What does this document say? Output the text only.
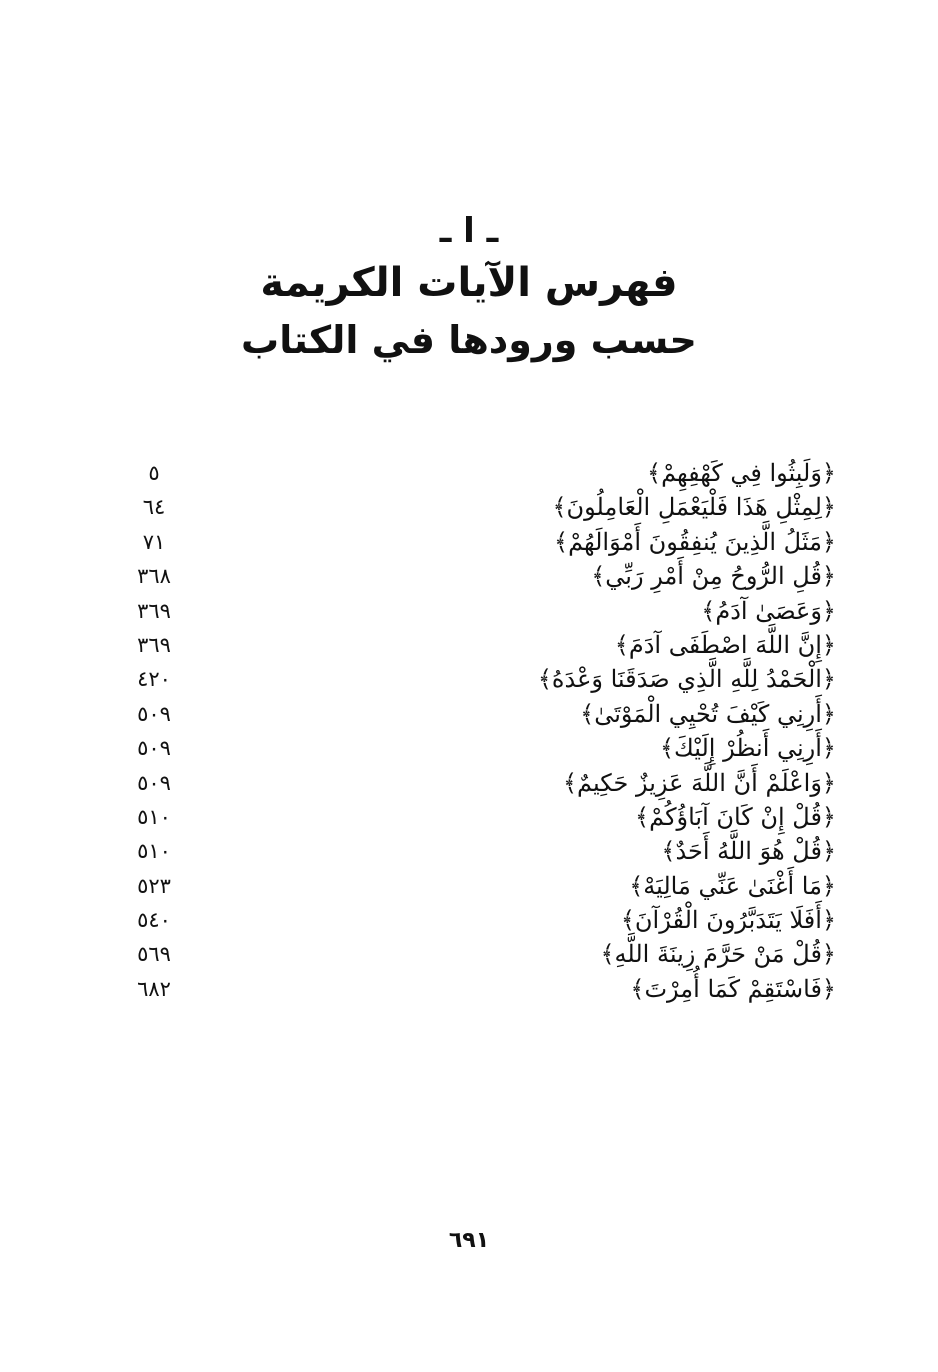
ـ ا ـ
فهرس الآيات الكريمة
حسب ورودها في الكتاب
﴿وَلَبِثُوا فِي كَهْفِهِمْ﴾
٥
﴿لِمِثْلِ هَذَا فَلْيَعْمَلِ الْعَامِلُونَ﴾
٦٤
﴿مَثَلُ الَّذِينَ يُنفِقُونَ أَمْوَالَهُمْ﴾
٧١
﴿قُلِ الرُّوحُ مِنْ أَمْرِ رَبِّي﴾
٣٦٨
﴿وَعَصَىٰ آدَمُ﴾
٣٦٩
﴿إِنَّ اللَّهَ اصْطَفَى آدَمَ﴾
٣٦٩
﴿الْحَمْدُ لِلَّهِ الَّذِي صَدَقَنَا وَعْدَهُ﴾
٤٢٠
﴿أَرِنِي كَيْفَ تُحْيِي الْمَوْتَىٰ﴾
٥٠٩
﴿أَرِنِي أَنظُرْ إِلَيْكَ﴾
٥٠٩
﴿وَاعْلَمْ أَنَّ اللَّهَ عَزِيزٌ حَكِيمٌ﴾
٥٠٩
﴿قُلْ إِنْ كَانَ آبَاؤُكُمْ﴾
٥١٠
﴿قُلْ هُوَ اللَّهُ أَحَدٌ﴾
٥١٠
﴿مَا أَغْنَىٰ عَنِّي مَالِيَهْ﴾
٥٢٣
﴿أَفَلَا يَتَدَبَّرُونَ الْقُرْآنَ﴾
٥٤٠
﴿قُلْ مَنْ حَرَّمَ زِينَةَ اللَّهِ﴾
٥٦٩
﴿فَاسْتَقِمْ كَمَا أُمِرْتَ﴾
٦٨٢
٦٩١
